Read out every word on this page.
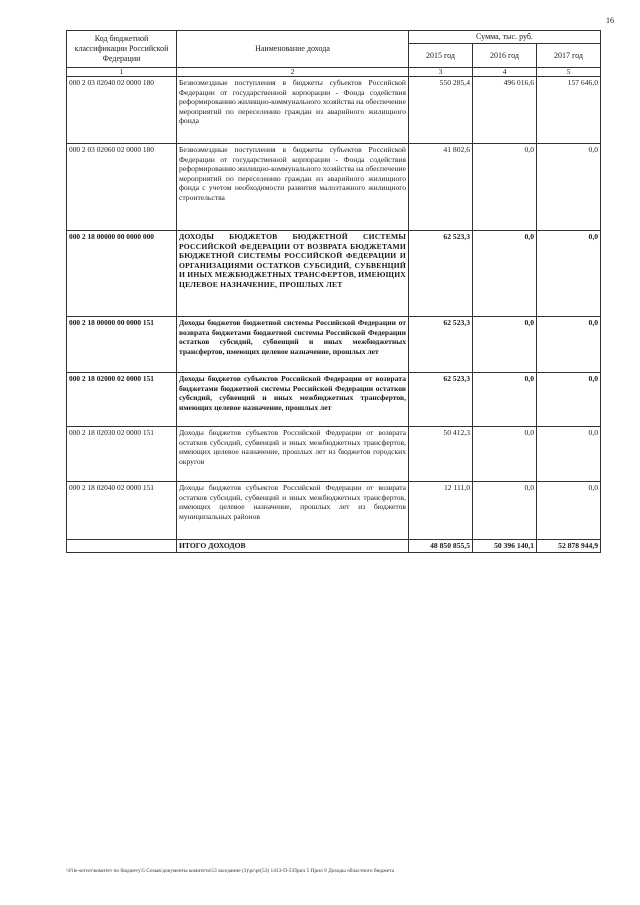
16
Код бюджетной классификации Российской Федерации	Наименование дохода	Сумма, тыс. руб.		
		2015 год	2016 год	2017 год
1	2	3	4	5
000 2 03 02040 02 0000 180	Безвозмездные поступления в бюджеты субъектов Российской Федерации от государственной корпорации - Фонда содействия реформированию жилищно-коммунального хозяйства на обеспечение мероприятий по переселению граждан из аварийного жилищного фонда	550 285,4	496 016,6	157 646,0
000 2 03 02060 02 0000 180	Безвозмездные поступления в бюджеты субъектов Российской Федерации от государственной корпорации - Фонда содействия реформированию жилищно-коммунального хозяйства на обеспечение мероприятий по переселению граждан из аварийного жилищного фонда с учетом необходимости развития малоэтажного жилищного строительства	41 802,6	0,0	0,0
000 2 18 00000 00 0000 000	ДОХОДЫ БЮДЖЕТОВ БЮДЖЕТНОЙ СИСТЕМЫ РОССИЙСКОЙ ФЕДЕРАЦИИ ОТ ВОЗВРАТА БЮДЖЕТАМИ БЮДЖЕТНОЙ СИСТЕМЫ РОССИЙСКОЙ ФЕДЕРАЦИИ И ОРГАНИЗАЦИЯМИ ОСТАТКОВ СУБСИДИЙ, СУБВЕНЦИЙ И ИНЫХ МЕЖБЮДЖЕТНЫХ ТРАНСФЕРТОВ, ИМЕЮЩИХ ЦЕЛЕВОЕ НАЗНАЧЕНИЕ, ПРОШЛЫХ ЛЕТ	62 523,3	0,0	0,0
000 2 18 00000 00 0000 151	Доходы бюджетов бюджетной системы Российской Федерации от возврата бюджетами бюджетной системы Российской Федерации остатков субсидий, субвенций и иных межбюджетных трансфертов, имеющих целевое назначение, прошлых лет	62 523,3	0,0	0,0
000 2 18 02000 02 0000 151	Доходы бюджетов субъектов Российской Федерации от возврата бюджетами бюджетной системы Российской Федерации остатков субсидий, субвенций и иных межбюджетных трансфертов, имеющих целевое назначение, прошлых лет	62 523,3	0,0	0,0
000 2 18 02030 02 0000 151	Доходы бюджетов субъектов Российской Федерации от возврата остатков субсидий, субвенций и иных межбюджетных трансфертов, имеющих целевое назначение, прошлых лет из бюджетов городских округов	50 412,3	0,0	0,0
000 2 18 02040 02 0000 151	Доходы бюджетов субъектов Российской Федерации от возврата остатков субсидий, субвенций и иных межбюджетных трансфертов, имеющих целевое назначение, прошлых лет из бюджетов муниципальных районов	12 111,0	0,0	0,0
	ИТОГО ДОХОДОВ	48 850 855,5	50 396 140,1	52 878 944,9
\\File-server\комитет по бюджету\5 Созыв\документы комитета\53 заседание (3)\pr\pr(53) 1413-П-5\Прил 5 Прил 9 Доходы областного бюджета
